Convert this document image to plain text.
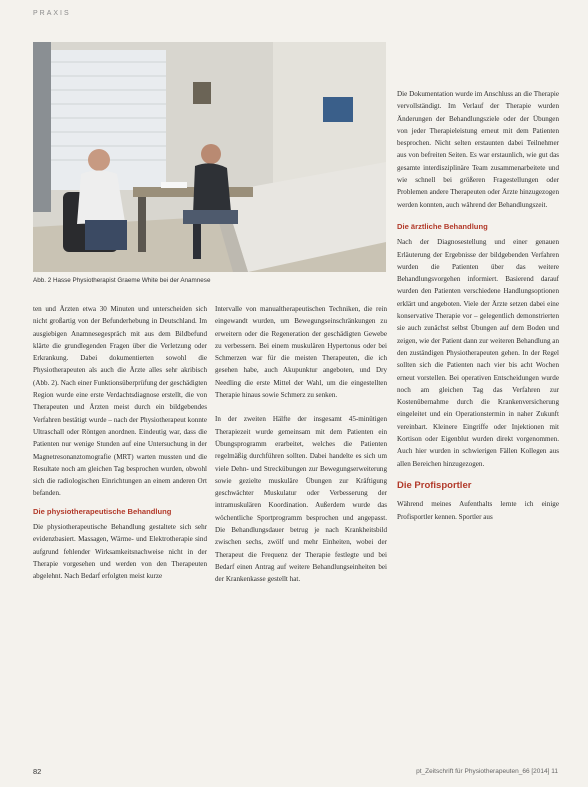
PRAXIS
Abb. 2 Hasse Physiotherapist Graeme White bei der Anamnese

ten und Ärzten etwa 30 Minuten und unterscheiden sich nicht großartig von der Befunderhebung in Deutschland. Im ausgiebigen Anamnesegespräch mit aus dem Bildbefund klärte die grundlegenden Fragen über die Verletzung oder Erkrankung. Dabei dokumentierten sowohl die Physiotherapeuten als auch die Ärzte alles sehr akribisch (Abb. 2). Nach einer Funktionsüberprüfung der geschädigten Region wurde eine erste Verdachtsdiagnose erstellt, die von Therapeuten und Ärzten meist durch ein bildgebendes Verfahren bestätigt wurde – nach der Physiotherapeut konnte Ultraschall oder Röntgen anordnen. Eindeutig war, dass die Patienten nur wenige Stunden auf eine Untersuchung in der Magnetresonanztomografie (MRT) warten mussten und die Resultate noch am gleichen Tag besprochen wurden, obwohl sich die radiologischen Einrichtungen an einem anderen Ort befanden.

Die physiotherapeutische Behandlung

Die physiotherapeutische Behandlung gestaltete sich sehr evidenzbasiert. Massagen, Wärme- und Elektrotherapie sind aufgrund fehlender Wirksamkeitsnachweise nicht in der Therapie vorgesehen und werden von den Therapeuten abgelehnt. Nach Bedarf erfolgten meist kurze

Intervalle von manualtherapeutischen Techniken, die rein eingewandt wurden, um Bewegungseinschränkungen zu erweitern oder die Regeneration der geschädigten Gewebe zu verbessern. Bei einem muskulären Hypertonus oder bei Schmerzen war für die meisten Therapeuten, die ich gesehen habe, auch Akupunktur angeboten, und Dry Needling die erste Mittel der Wahl, um die eingestellten Therapie hinaus sowie Schmerz zu senken.

In der zweiten Hälfte der insgesamt 45-minütigen Therapiezeit wurde gemeinsam mit dem Patienten ein Übungsprogramm erarbeitet, welches die Patienten regelmäßig durchführen sollten. Dabei handelte es sich um viele Dehn- und Streckübungen zur Bewegungserweiterung sowie gezielte muskuläre Übungen zur Kräftigung geschwächter Muskulatur oder Verbesserung der intramuskulären Koordination. Außerdem wurde das wöchentliche Sportprogramm besprochen und angepasst. Die Behandlungsdauer betrug je nach Krankheitsbild zwischen sechs, zwölf und mehr Einheiten, wobei der Therapeut die Frequenz der Therapie festlegte und bei Bedarf einen Antrag auf weitere Behandlungseinheiten bei der Krankenkasse gestellt hat.

Die Dokumentation wurde im Anschluss an die Therapie vervollständigt. Im Verlauf der Therapie wurden Änderungen der Behandlungsziele oder der Übungen von jeder Therapieleistung erneut mit dem Patienten besprochen. Nicht selten erstaunten dabei Teilnehmer aus von befreiten Seiten. Es war erstaunlich, wie gut das gesamte interdisziplinäre Team zusammenarbeitete und wie schnell bei größeren Fragestellungen oder Problemen andere Therapeuten oder Ärzte hinzugezogen werden konnten, auch während der Behandlungszeit.

Die ärztliche Behandlung

Nach der Diagnosestellung und einer genauen Erläuterung der Ergebnisse der bildgebenden Verfahren wurden die Patienten über das weitere Behandlungsvorgehen informiert. Basierend darauf wurden den Patienten verschiedene Handlungsoptionen erklärt und angeboten. Viele der Ärzte setzen dabei eine konservative Therapie vor – gelegentlich demonstrierten sie auch zunächst selbst Übungen auf dem Boden und zeigen, wie der Patient dann zur weiteren Behandlung an den zuständigen Physiotherapeuten gehen. In der Regel sollten sich die Patienten nach vier bis acht Wochen erneut vorstellen. Bei operativen Entscheidungen wurde noch am gleichen Tag das Verfahren zur Kostenübernahme durch die Krankenversicherung eingeleitet und ein Operationstermin in naher Zukunft vereinbart. Kleinere Eingriffe oder Injektionen mit Kortison oder Eigenblut wurden direkt vorgenommen. Auch hier wurden in schwierigen Fällen Kollegen aus allen Bereichen hinzugezogen.

Die Profisportler

Während meines Aufenthalts lernte ich einige Profisportler kennen. Sportler aus

82	pt_Zeitschrift für Physiotherapeuten_66 [2014] 11
